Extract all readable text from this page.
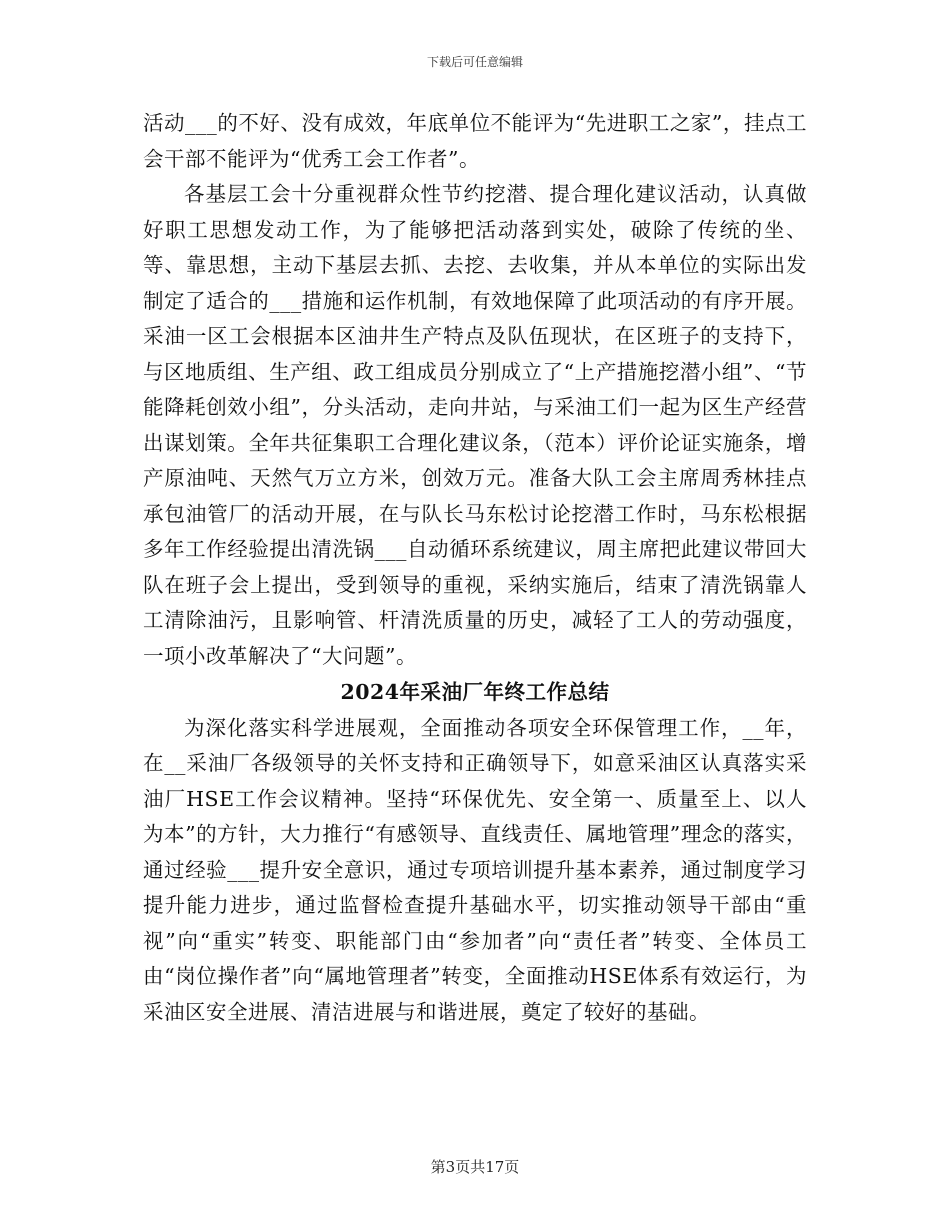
下载后可任意编辑

活动___的不好、没有成效，年底单位不能评为“先进职工之家”，挂点工会干部不能评为“优秀工会工作者”。

各基层工会十分重视群众性节约挖潜、提合理化建议活动，认真做好职工思想发动工作，为了能够把活动落到实处，破除了传统的坐、等、靠思想，主动下基层去抓、去挖、去收集，并从本单位的实际出发制定了适合的___措施和运作机制，有效地保障了此项活动的有序开展。采油一区工会根据本区油井生产特点及队伍现状，在区班子的支持下，与区地质组、生产组、政工组成员分别成立了“上产措施挖潜小组”、“节能降耗创效小组”，分头活动，走向井站，与采油工们一起为区生产经营出谋划策。全年共征集职工合理化建议条，（范本）评价论证实施条，增产原油吨、天然气万立方米，创效万元。准备大队工会主席周秀林挂点承包油管厂的活动开展，在与队长马东松讨论挖潜工作时，马东松根据多年工作经验提出清洗锅___自动循环系统建议，周主席把此建议带回大队在班子会上提出，受到领导的重视，采纳实施后，结束了清洗锅靠人工清除油污，且影响管、杆清洗质量的历史，减轻了工人的劳动强度，一项小改革解决了“大问题”。

2024年采油厂年终工作总结

为深化落实科学进展观，全面推动各项安全环保管理工作，__年，在__采油厂各级领导的关怀支持和正确领导下，如意采油区认真落实采油厂HSE工作会议精神。坚持“环保优先、安全第一、质量至上、以人为本”的方针，大力推行“有感领导、直线责任、属地管理”理念的落实，通过经验___提升安全意识，通过专项培训提升基本素养，通过制度学习提升能力进步，通过监督检查提升基础水平，切实推动领导干部由“重视”向“重实”转变、职能部门由“参加者”向“责任者”转变、全体员工由“岗位操作者”向“属地管理者”转变，全面推动HSE体系有效运行，为采油区安全进展、清洁进展与和谐进展，奠定了较好的基础。

第3页共17页
